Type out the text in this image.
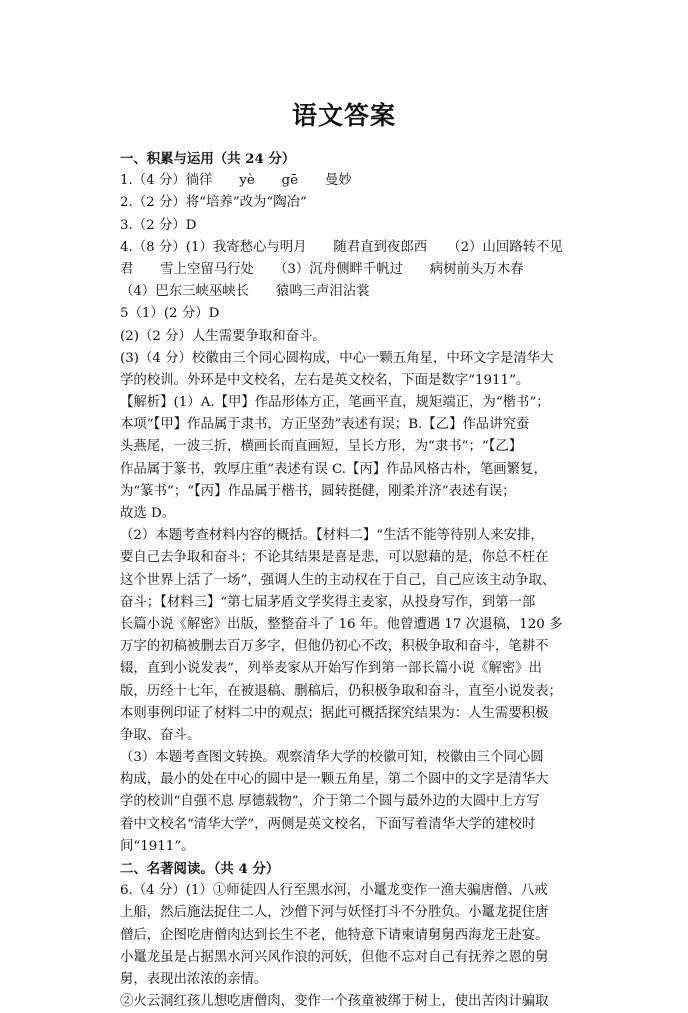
语文答案
一、积累与运用（共 24 分）
1.（4 分）徜徉　　yè　　gē　　曼妙
2.（2 分）将“培养”改为“陶冶”
3.（2 分）D
4.（8 分）(1）我寄愁心与明月　　随君直到夜郎西　　（2）山回路转不见
君　　雪上空留马行处　　（3）沉舟侧畔千帆过　　病树前头万木春
（4）巴东三峡巫峡长　　猿鸣三声泪沾裳
5（1）(2 分）D
(2)（2 分）人生需要争取和奋斗。
(3)（4 分）校徽由三个同心圆构成，中心一颗五角星，中环文字是清华大
学的校训。外环是中文校名，左右是英文校名，下面是数字“1911”。
【解析】(1）A.【甲】作品形体方正，笔画平直，规矩端正，为“楷书”；
本项“【甲】作品属于隶书，方正坚劲”表述有误；B.【乙】作品讲究蚕
头燕尾，一波三折，横画长而直画短，呈长方形，为“隶书”；“【乙】
作品属于篆书，敦厚庄重”表述有误 C.【丙】作品风格古朴，笔画繁复，
为“篆书”；“【丙】作品属于楷书，圆转挺健，刚柔并济”表述有误；
故选 D。
（2）本题考查材料内容的概括。【材料二】“生活不能等待别人来安排，
要自己去争取和奋斗；不论其结果是喜是悲，可以慰藉的是，你总不枉在
这个世界上活了一场”，强调人生的主动权在于自己，自己应该主动争取、
奋斗；【材料三】“第七届茅盾文学奖得主麦家，从投身写作，到第一部
长篇小说《解密》出版，整整奋斗了 16 年。他曾遭遇 17 次退稿，120 多
万字的初稿被删去百万多字，但他仍初心不改，积极争取和奋斗，笔耕不
辍，直到小说发表”，列举麦家从开始写作到第一部长篇小说《解密》出
版，历经十七年，在被退稿、删稿后，仍积极争取和奋斗，直至小说发表；
本则事例印证了材料二中的观点；据此可概括探究结果为：人生需要积极
争取、奋斗。
（3）本题考查图文转换。观察清华大学的校徽可知，校徽由三个同心圆
构成，最小的处在中心的圆中是一颗五角星，第二个圆中的文字是清华大
学的校训“自强不息 厚德载物”，介于第二个圆与最外边的大圆中上方写
着中文校名“清华大学”，两侧是英文校名，下面写着清华大学的建校时
间“1911”。
二、名著阅读。（共 4 分）
6.（4 分）(1）①师徒四人行至黑水河，小鼍龙变作一渔夫骗唐僧、八戒
上船，然后施法捉住二人，沙僧下河与妖怪打斗不分胜负。小鼍龙捉住唐
僧后，企图吃唐僧肉达到长生不老，他特意下请柬请舅舅西海龙王赴宴。
小鼍龙虽是占据黑水河兴风作浪的河妖，但他不忘对自己有抚养之恩的舅
舅，表现出浓浓的亲情。
②火云洞红孩儿想吃唐僧肉，变作一个孩童被绑于树上，使出苦肉计骗取
